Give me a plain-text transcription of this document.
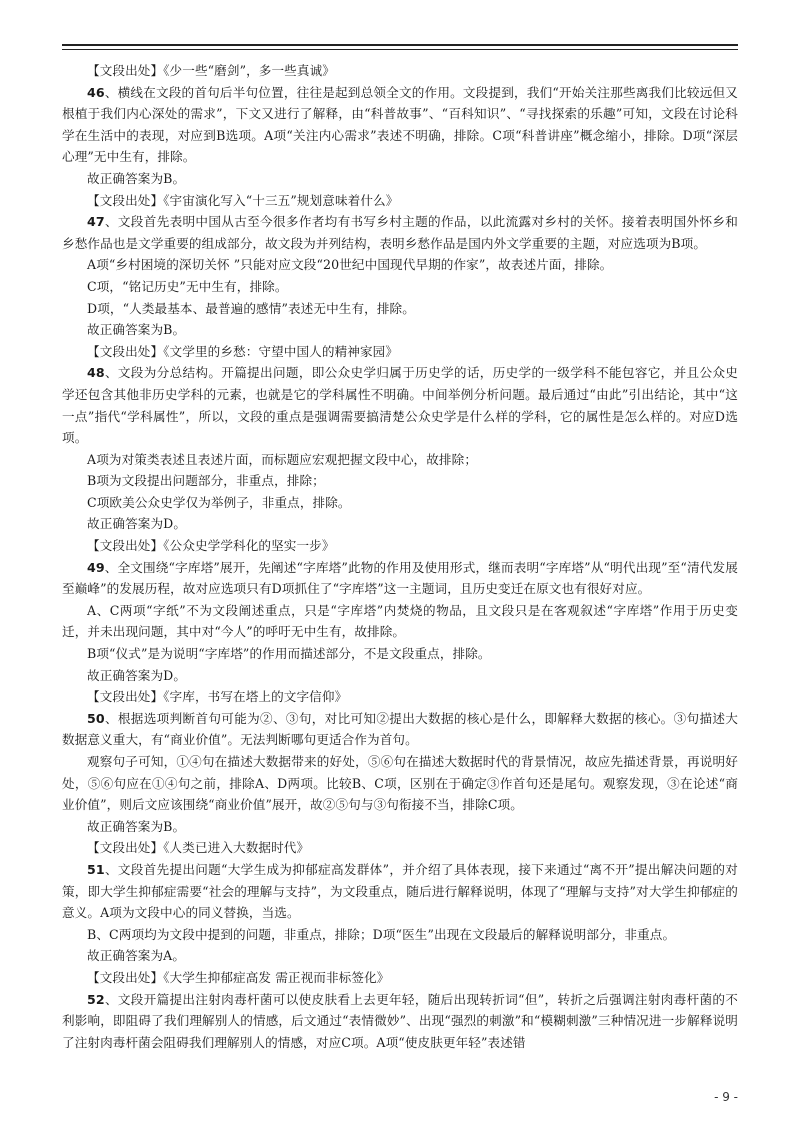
【文段出处】《少一些“磨剑”，多一些真诚》

46、横线在文段的首句后半句位置，往往是起到总领全文的作用。文段提到，我们“开始关注那些离我们比较远但又根植于我们内心深处的需求”，下文又进行了解释，由“科普故事”、“百科知识”、“寻找探索的乐趣”可知，文段在讨论科学在生活中的表现，对应到B选项。A项“关注内心需求”表述不明确，排除。C项“科普讲座”概念缩小，排除。D项“深层心理”无中生有，排除。

故正确答案为B。

【文段出处】《宇宙演化写入“十三五”规划意味着什么》

47、文段首先表明中国从古至今很多作者均有书写乡村主题的作品，以此流露对乡村的关怀。接着表明国外怀乡和乡愁作品也是文学重要的组成部分，故文段为并列结构，表明乡愁作品是国内外文学重要的主题，对应选项为B项。

A项“乡村困境的深切关怀 ”只能对应文段“20世纪中国现代早期的作家”，故表述片面，排除。

C项，“铭记历史”无中生有，排除。

D项，“人类最基本、最普遍的感情”表述无中生有，排除。

故正确答案为B。

【文段出处】《文学里的乡愁：守望中国人的精神家园》

48、文段为分总结构。开篇提出问题，即公众史学归属于历史学的话，历史学的一级学科不能包容它，并且公众史学还包含其他非历史学科的元素，也就是它的学科属性不明确。中间举例分析问题。最后通过“由此”引出结论，其中“这一点”指代“学科属性”，所以，文段的重点是强调需要搞清楚公众史学是什么样的学科，它的属性是怎么样的。对应D选项。

A项为对策类表述且表述片面，而标题应宏观把握文段中心，故排除；

B项为文段提出问题部分，非重点，排除；

C项欧美公众史学仅为举例子，非重点，排除。

故正确答案为D。

【文段出处】《公众史学学科化的坚实一步》

49、全文围绕“字库塔”展开，先阐述“字库塔”此物的作用及使用形式，继而表明“字库塔”从“明代出现”至“清代发展至巅峰”的发展历程，故对应选项只有D项抓住了“字库塔”这一主题词，且历史变迁在原文也有很好对应。

A、C两项“字纸”不为文段阐述重点，只是“字库塔”内焚烧的物品，且文段只是在客观叙述“字库塔”作用于历史变迁，并未出现问题，其中对“今人”的呼吁无中生有，故排除。

B项“仪式”是为说明“字库塔”的作用而描述部分，不是文段重点，排除。

故正确答案为D。

【文段出处】《字库，书写在塔上的文字信仰》

50、根据选项判断首句可能为②、③句，对比可知②提出大数据的核心是什么，即解释大数据的核心。③句描述大数据意义重大，有“商业价值”。无法判断哪句更适合作为首句。

观察句子可知，①④句在描述大数据带来的好处，⑤⑥句在描述大数据时代的背景情况，故应先描述背景，再说明好处，⑤⑥句应在①④句之前，排除A、D两项。比较B、C项，区别在于确定③作首句还是尾句。观察发现，③在论述“商业价值”，则后文应该围绕“商业价值”展开，故②⑤句与③句衔接不当，排除C项。

故正确答案为B。

【文段出处】《人类已进入大数据时代》

51、文段首先提出问题“大学生成为抑郁症高发群体”，并介绍了具体表现，接下来通过“离不开”提出解决问题的对策，即大学生抑郁症需要“社会的理解与支持”，为文段重点，随后进行解释说明，体现了“理解与支持”对大学生抑郁症的意义。A项为文段中心的同义替换，当选。

B、C两项均为文段中提到的问题，非重点，排除；D项“医生”出现在文段最后的解释说明部分，非重点。

故正确答案为A。

【文段出处】《大学生抑郁症高发 需正视而非标签化》

52、文段开篇提出注射肉毒杆菌可以使皮肤看上去更年轻，随后出现转折词“但”，转折之后强调注射肉毒杆菌的不利影响，即阻碍了我们理解别人的情感，后文通过“表情微妙”、出现“强烈的刺激”和“模糊刺激”三种情况进一步解释说明了注射肉毒杆菌会阻碍我们理解别人的情感，对应C项。A项“使皮肤更年轻”表述错

- 9 -
